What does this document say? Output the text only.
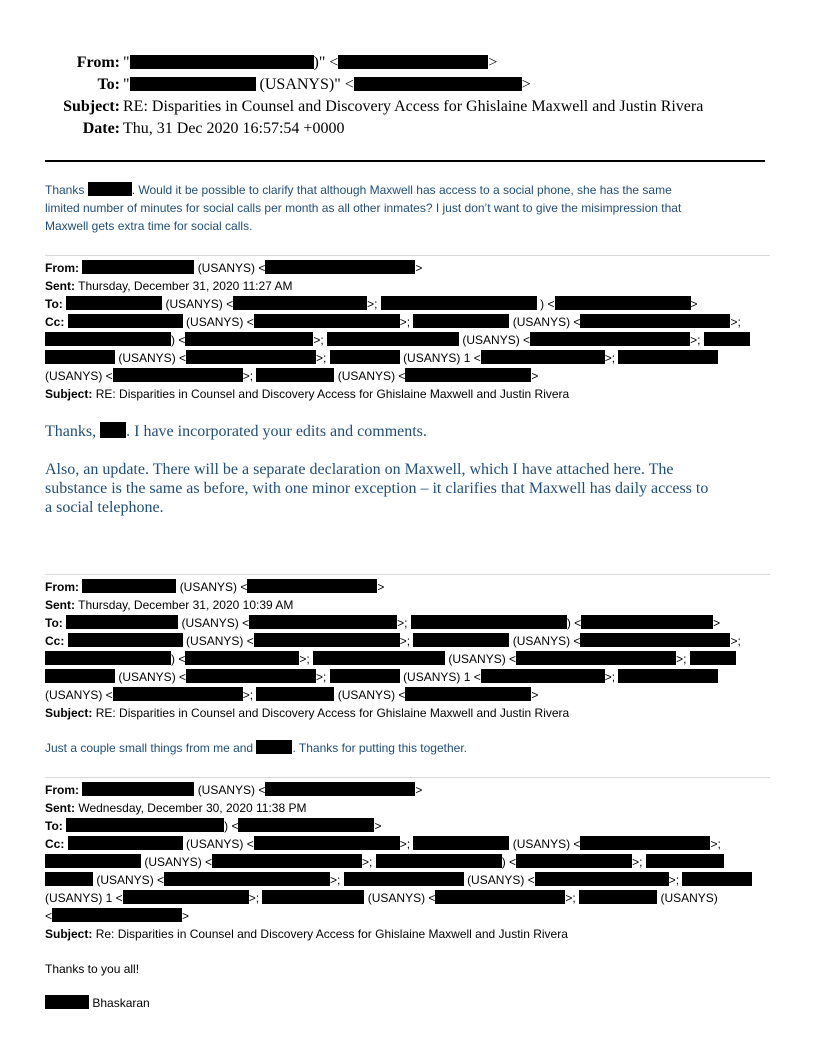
From: "	)" <	>
To: "	(USANYS)" <	>
Subject: RE: Disparities in Counsel and Discovery Access for Ghislaine Maxwell and Justin Rivera
Date: Thu, 31 Dec 2020 16:57:54 +0000
Thanks	. Would it be possible to clarify that although Maxwell has access to a social phone, she has the same
limited number of minutes for social calls per month as all other inmates? I just don’t want to give the misimpression that
Maxwell gets extra time for social calls.
From:	(USANYS) <	>
Sent: Thursday, December 31, 2020 11:27 AM
To:	(USANYS) <	>;	) <	>
Cc:	(USANYS) <	>;	(USANYS) <	>;
) <	>;	(USANYS) <	>;
(USANYS) <	>;	(USANYS) 1 <	>;
(USANYS) <	>;	(USANYS) <	>
Subject: RE: Disparities in Counsel and Discovery Access for Ghislaine Maxwell and Justin Rivera
Thanks, . I have incorporated your edits and comments.
Also, an update. There will be a separate declaration on Maxwell, which I have attached here. The
substance is the same as before, with one minor exception – it clarifies that Maxwell has daily access to
a social telephone.
From:	(USANYS) <	>
Sent: Thursday, December 31, 2020 10:39 AM
To:	(USANYS) <	>;	) <	>
Cc:	(USANYS) <	>;	(USANYS) <	>;
) <	>;	(USANYS) <	>;
(USANYS) <	>;	(USANYS) 1 <	>;
(USANYS) <	>;	(USANYS) <	>
Subject: RE: Disparities in Counsel and Discovery Access for Ghislaine Maxwell and Justin Rivera
Just a couple small things from me and	. Thanks for putting this together.
From:	(USANYS) <	>
Sent: Wednesday, December 30, 2020 11:38 PM
To:	) <	>
Cc:	(USANYS) <	>;	(USANYS) <	>;
(USANYS) <	>;	) <	>;
(USANYS) <	>;	(USANYS) <	>;
(USANYS) 1 <	>;	(USANYS) <	>;	(USANYS)
<	>
Subject: Re: Disparities in Counsel and Discovery Access for Ghislaine Maxwell and Justin Rivera
Thanks to you all!
Bhaskaran
